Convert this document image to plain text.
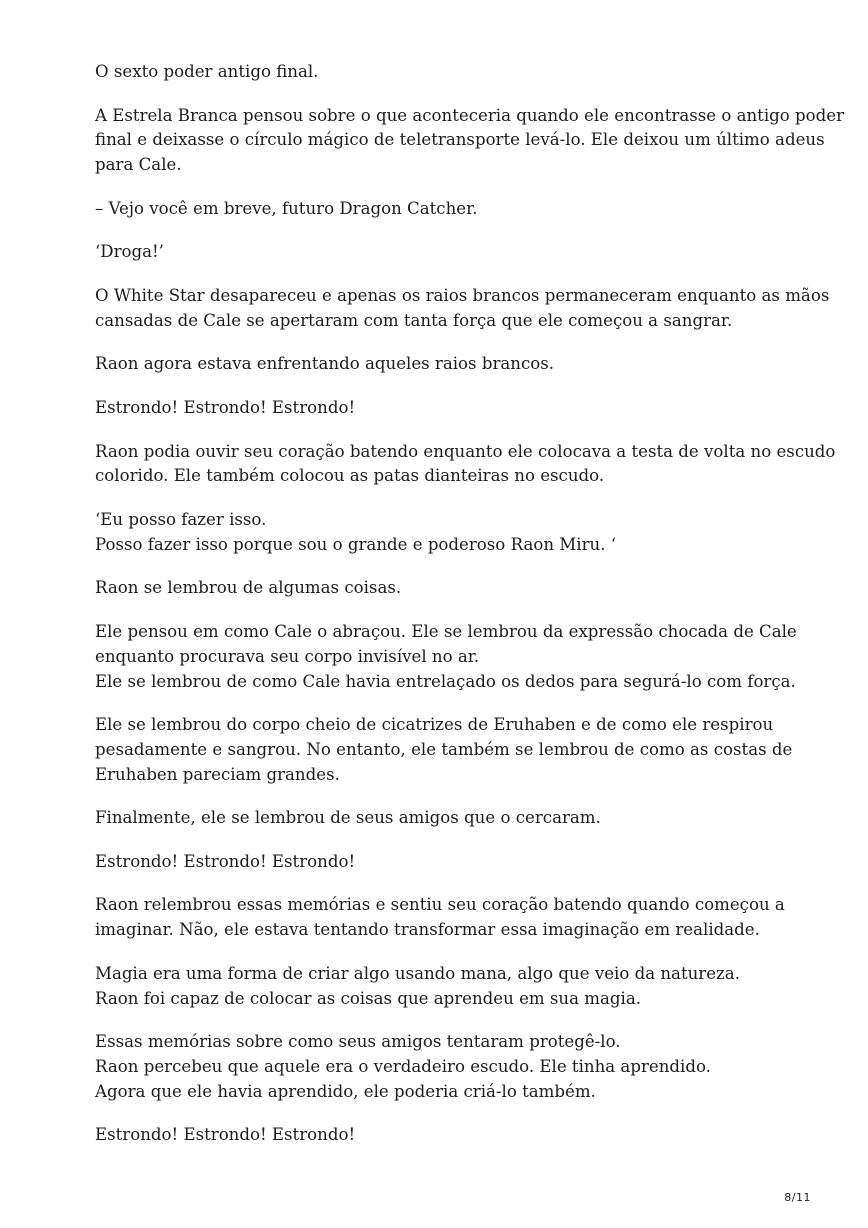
O sexto poder antigo final.

A Estrela Branca pensou sobre o que aconteceria quando ele encontrasse o antigo poder
final e deixasse o círculo mágico de teletransporte levá-lo. Ele deixou um último adeus
para Cale.

– Vejo você em breve, futuro Dragon Catcher.

‘Droga!’

O White Star desapareceu e apenas os raios brancos permaneceram enquanto as mãos
cansadas de Cale se apertaram com tanta força que ele começou a sangrar.

Raon agora estava enfrentando aqueles raios brancos.

Estrondo! Estrondo! Estrondo!

Raon podia ouvir seu coração batendo enquanto ele colocava a testa de volta no escudo
colorido. Ele também colocou as patas dianteiras no escudo.

‘Eu posso fazer isso.
Posso fazer isso porque sou o grande e poderoso Raon Miru. ‘

Raon se lembrou de algumas coisas.

Ele pensou em como Cale o abraçou. Ele se lembrou da expressão chocada de Cale
enquanto procurava seu corpo invisível no ar.
Ele se lembrou de como Cale havia entrelaçado os dedos para segurá-lo com força.

Ele se lembrou do corpo cheio de cicatrizes de Eruhaben e de como ele respirou
pesadamente e sangrou. No entanto, ele também se lembrou de como as costas de
Eruhaben pareciam grandes.

Finalmente, ele se lembrou de seus amigos que o cercaram.

Estrondo! Estrondo! Estrondo!

Raon relembrou essas memórias e sentiu seu coração batendo quando começou a
imaginar. Não, ele estava tentando transformar essa imaginação em realidade.

Magia era uma forma de criar algo usando mana, algo que veio da natureza.
Raon foi capaz de colocar as coisas que aprendeu em sua magia.

Essas memórias sobre como seus amigos tentaram protegê-lo.
Raon percebeu que aquele era o verdadeiro escudo. Ele tinha aprendido.
Agora que ele havia aprendido, ele poderia criá-lo também.

Estrondo! Estrondo! Estrondo!

8/11
